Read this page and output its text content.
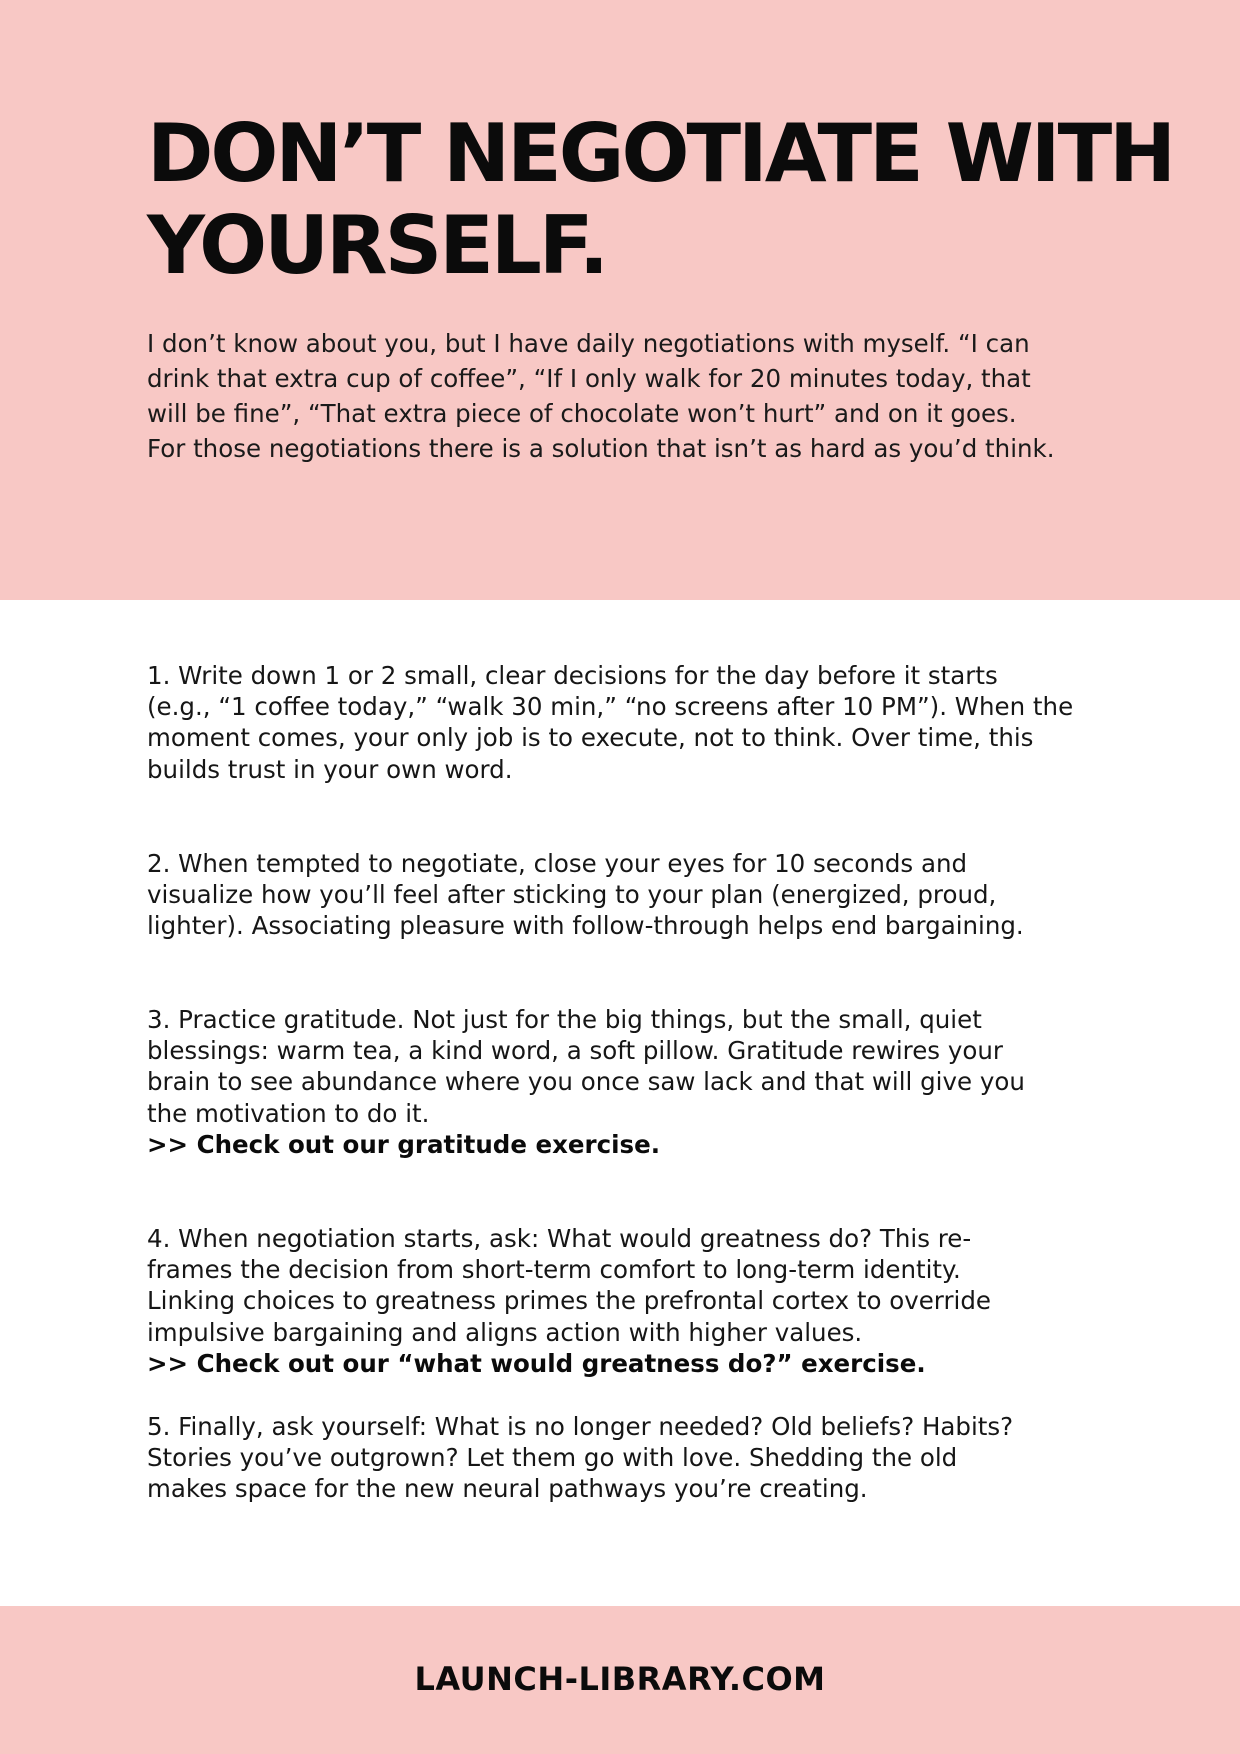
DON’T NEGOTIATE WITH
YOURSELF.

I don’t know about you, but I have daily negotiations with myself. “I can
drink that extra cup of coffee”, “If I only walk for 20 minutes today, that
will be fine”, “That extra piece of chocolate won’t hurt” and on it goes.
For those negotiations there is a solution that isn’t as hard as you’d think.

1. Write down 1 or 2 small, clear decisions for the day before it starts
(e.g., “1 coffee today,” “walk 30 min,” “no screens after 10 PM”). When the
moment comes, your only job is to execute, not to think. Over time, this
builds trust in your own word.

2. When tempted to negotiate, close your eyes for 10 seconds and
visualize how you’ll feel after sticking to your plan (energized, proud,
lighter). Associating pleasure with follow-through helps end bargaining.

3. Practice gratitude. Not just for the big things, but the small, quiet
blessings: warm tea, a kind word, a soft pillow. Gratitude rewires your
brain to see abundance where you once saw lack and that will give you
the motivation to do it.
>> Check out our gratitude exercise.

4. When negotiation starts, ask: What would greatness do? This re-
frames the decision from short-term comfort to long-term identity.
Linking choices to greatness primes the prefrontal cortex to override
impulsive bargaining and aligns action with higher values.
>> Check out our “what would greatness do?” exercise.

5. Finally, ask yourself: What is no longer needed? Old beliefs? Habits?
Stories you’ve outgrown? Let them go with love. Shedding the old
makes space for the new neural pathways you’re creating.

LAUNCH-LIBRARY.COM
